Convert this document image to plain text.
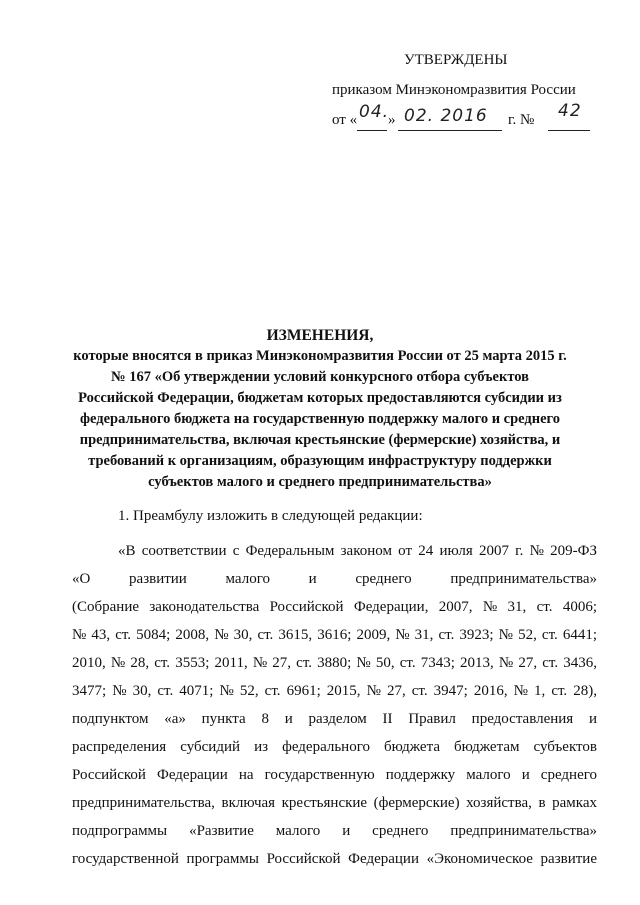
УТВЕРЖДЕНЫ
приказом Минэкономразвития России
от « 04.
» 02. 2016 г. № 42
ИЗМЕНЕНИЯ,
которые вносятся в приказ Минэкономразвития России от 25 марта 2015 г.
№ 167 «Об утверждении условий конкурсного отбора субъектов
Российской Федерации, бюджетам которых предоставляются субсидии из
федерального бюджета на государственную поддержку малого и среднего
предпринимательства, включая крестьянские (фермерские) хозяйства, и
требований к организациям, образующим инфраструктуру поддержки
субъектов малого и среднего предпринимательства»
1. Преамбулу изложить в следующей редакции:
«В соответствии с Федеральным законом от 24 июля 2007 г. № 209-ФЗ
«О	развитии	малого	и	среднего	предпринимательства»
(Собрание законодательства Российской Федерации, 2007, № 31, ст. 4006;
№ 43, ст. 5084; 2008, № 30, ст. 3615, 3616; 2009, № 31, ст. 3923; № 52, ст. 6441;
2010, № 28, ст. 3553; 2011, № 27, ст. 3880; № 50, ст. 7343; 2013, № 27, ст. 3436,
3477; № 30, ст. 4071; № 52, ст. 6961; 2015, № 27, ст. 3947; 2016, № 1, ст. 28),
подпунктом «а» пункта 8 и разделом II Правил предоставления и
распределения субсидий из федерального бюджета бюджетам субъектов
Российской Федерации на государственную поддержку малого и среднего
предпринимательства, включая крестьянские (фермерские) хозяйства, в рамках
подпрограммы «Развитие малого и среднего предпринимательства»
государственной программы Российской Федерации «Экономическое развитие
